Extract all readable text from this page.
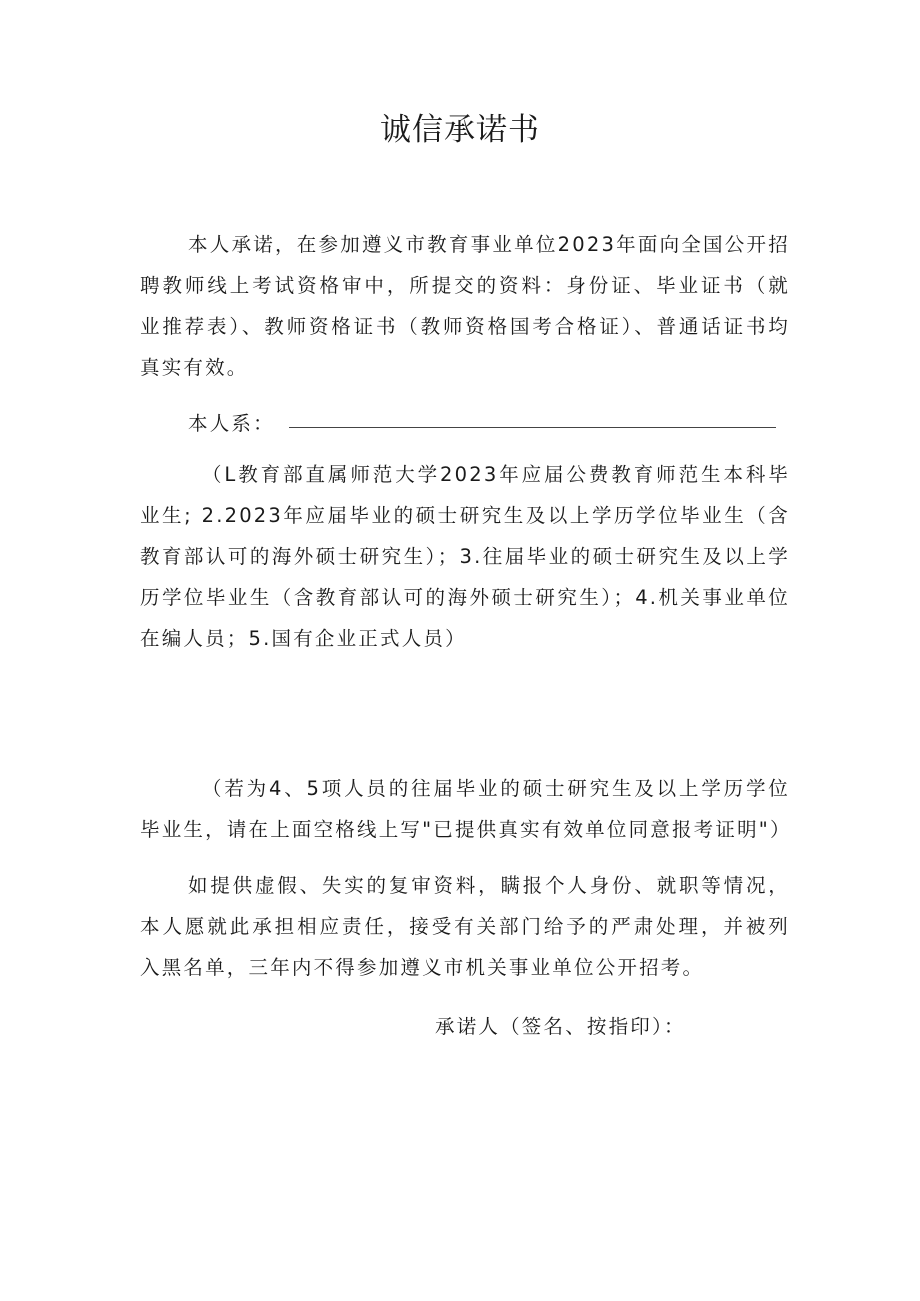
诚信承诺书

本人承诺，在参加遵义市教育事业单位2023年面向全国公开招聘教师线上考试资格审中，所提交的资料：身份证、毕业证书（就业推荐表）、教师资格证书（教师资格国考合格证）、普通话证书均真实有效。

本人系：

（L教育部直属师范大学2023年应届公费教育师范生本科毕业生; 2.2023年应届毕业的硕士研究生及以上学历学位毕业生（含教育部认可的海外硕士研究生）；3.往届毕业的硕士研究生及以上学历学位毕业生（含教育部认可的海外硕士研究生）；4.机关事业单位在编人员；5.国有企业正式人员）

（若为4、5项人员的往届毕业的硕士研究生及以上学历学位毕业生，请在上面空格线上写"已提供真实有效单位同意报考证明"）

如提供虚假、失实的复审资料，瞒报个人身份、就职等情况，本人愿就此承担相应责任，接受有关部门给予的严肃处理，并被列入黑名单，三年内不得参加遵义市机关事业单位公开招考。

承诺人（签名、按指印）：
